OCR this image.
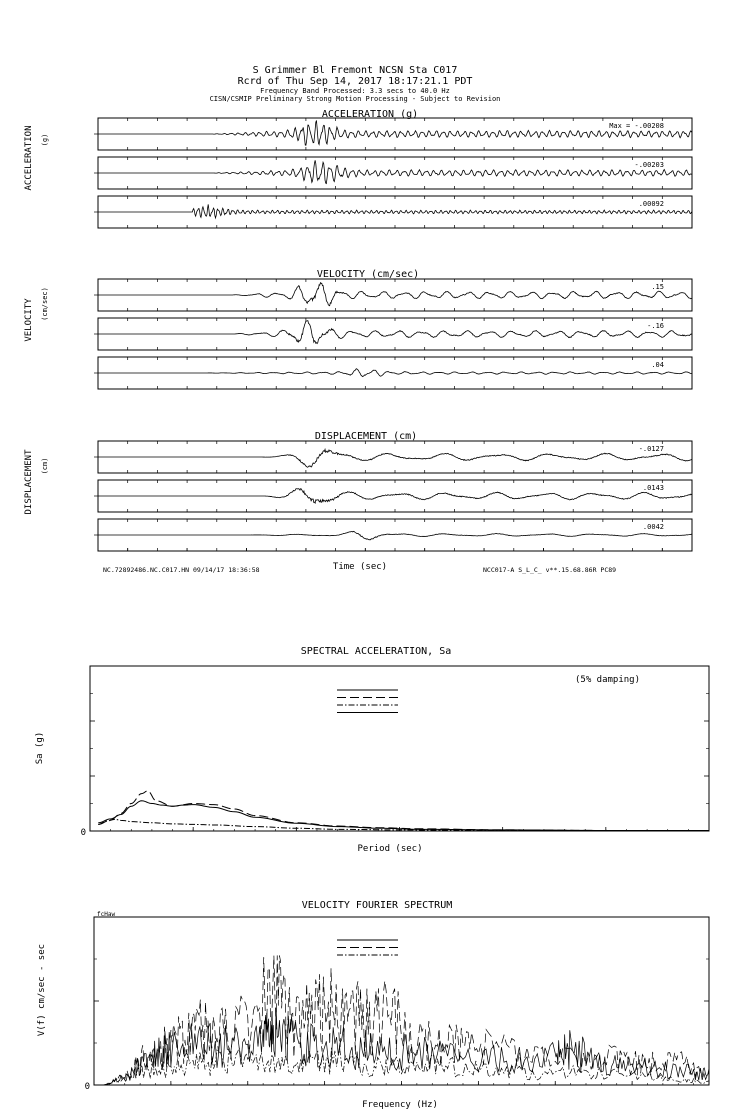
S Grimmer Bl Fremont NCSN Sta C017
Rcrd of Thu Sep 14, 2017 18:17:21.1 PDT
Frequency Band Processed: 3.3 secs to 40.0 Hz
CISN/CSMIP Preliminary Strong Motion Processing - Subject to Revision
ACCELERATION (g)
VELOCITY (cm/sec)
DISPLACEMENT (cm)
ACCELERATION (g)
VELOCITY (cm/sec)
DISPLACEMENT (cm)
Time (sec)
NC.72892486.NC.C017.HN 09/14/17 18:36:58	NCC017-A S_L_C_ v**.15.68.86R PC89
Max = -.00208
-.00203
.00092
.15
-.16
.04
-.0127
.0143
.0042
SPECTRAL ACCELERATION, Sa
(5% damping)
Sa (g)
Period (sec)
0
VELOCITY FOURIER SPECTRUM
fcHaw
V(f) cm/sec - sec
Frequency (Hz)
0
